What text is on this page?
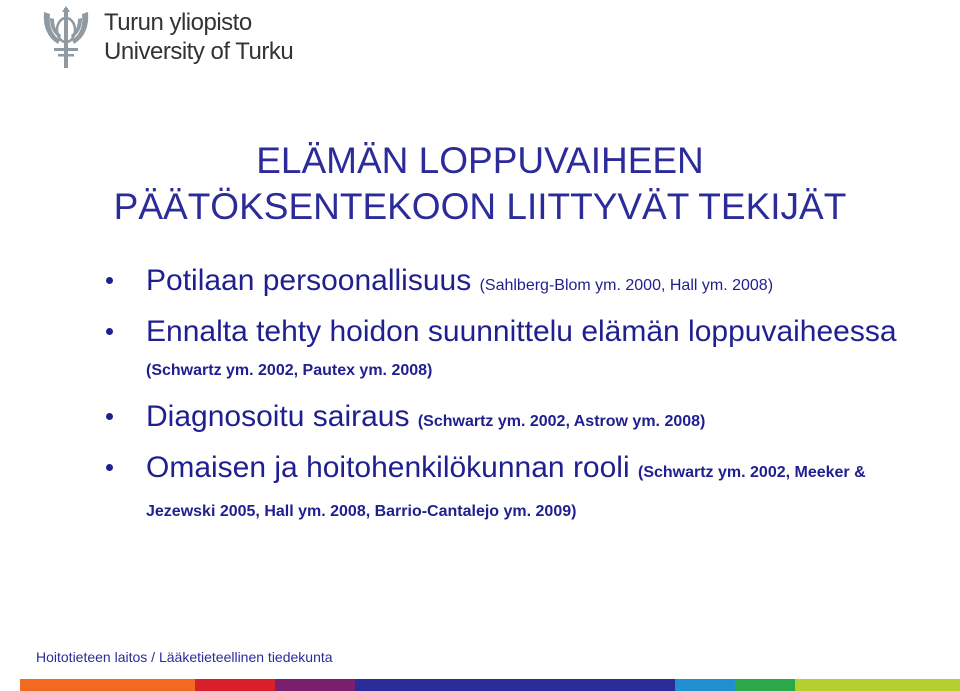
Turun yliopisto
University of Turku
ELÄMÄN LOPPUVAIHEEN
PÄÄTÖKSENTEKOON LIITTYVÄT TEKIJÄT
Potilaan persoonallisuus (Sahlberg-Blom ym. 2000, Hall ym. 2008)
Ennalta tehty hoidon suunnittelu elämän loppuvaiheessa (Schwartz ym. 2002, Pautex ym. 2008)
Diagnosoitu sairaus (Schwartz ym. 2002, Astrow ym. 2008)
Omaisen ja hoitohenkilökunnan rooli (Schwartz ym. 2002, Meeker & Jezewski 2005, Hall ym. 2008, Barrio-Cantalejo ym. 2009)
Hoitotieteen laitos / Lääketieteellinen tiedekunta
